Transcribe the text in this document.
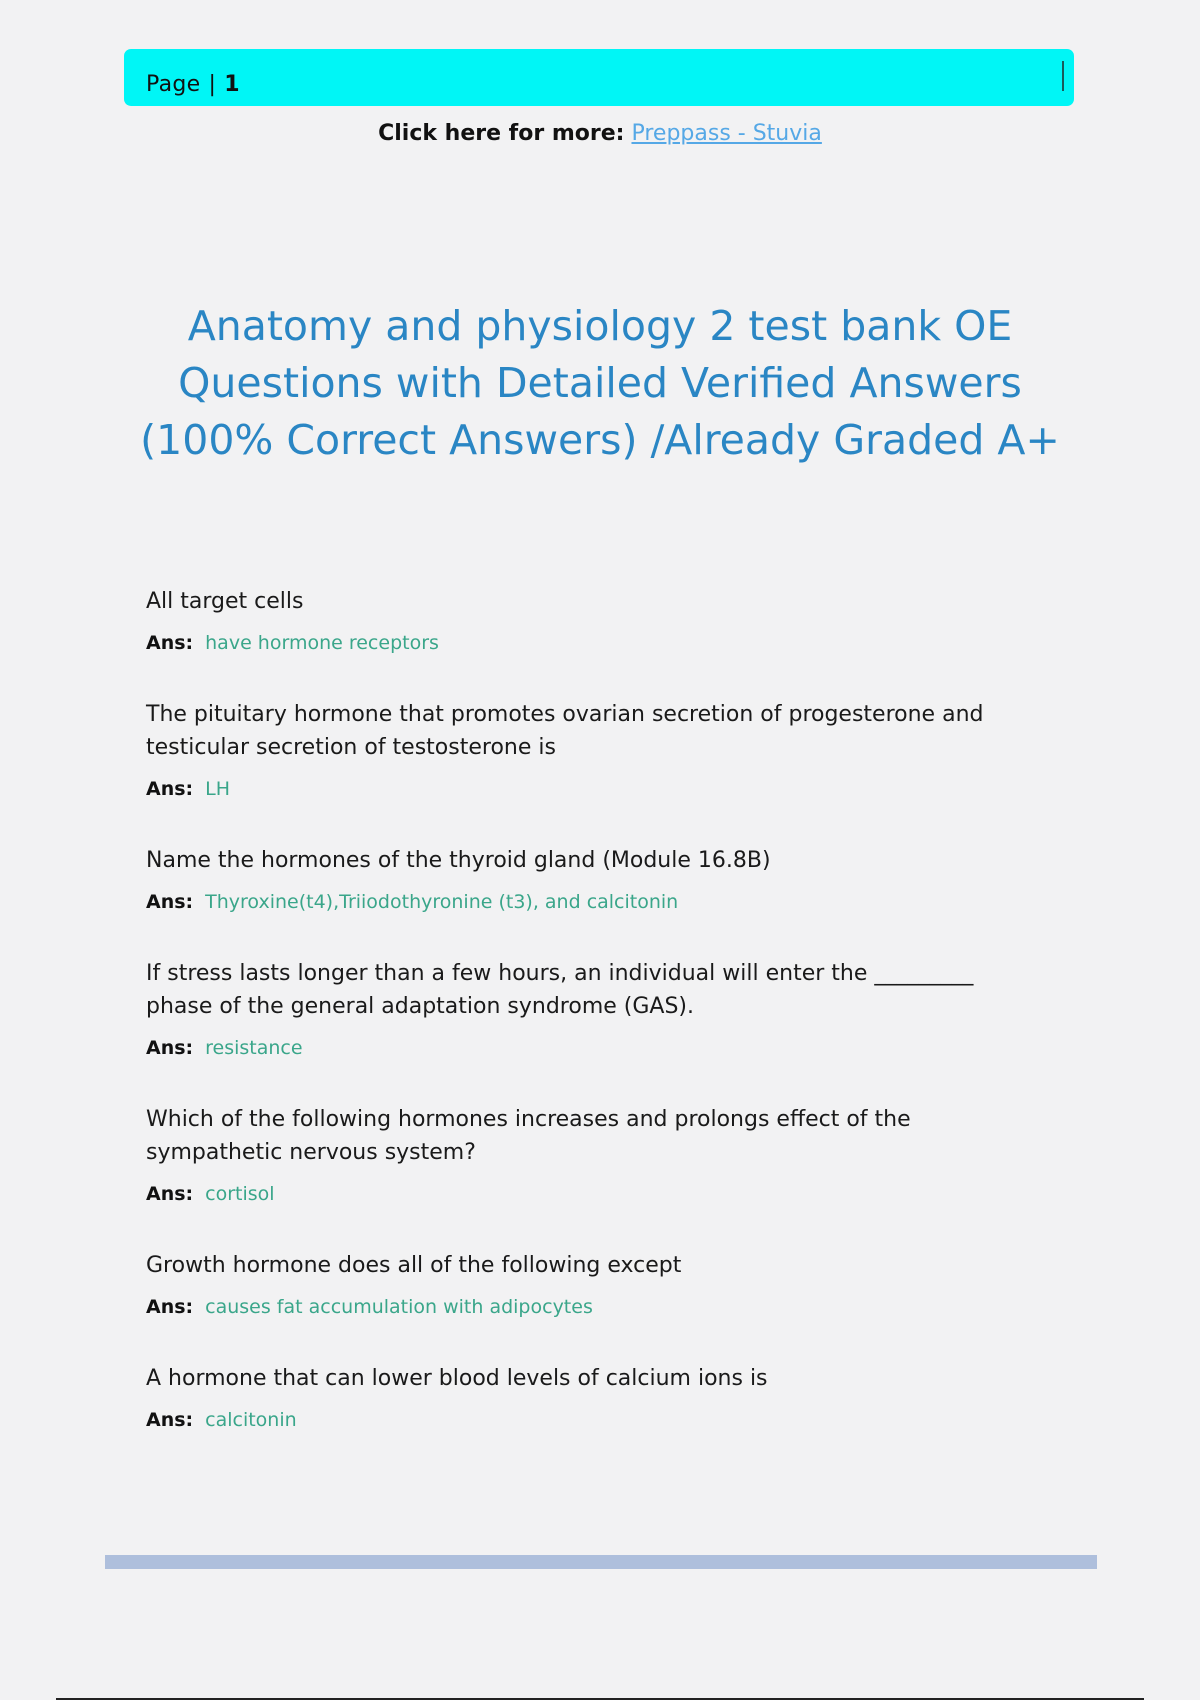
Page | 1
Click here for more: Preppass - Stuvia
Anatomy and physiology 2 test bank OE Questions with Detailed Verified Answers (100% Correct Answers) /Already Graded A+

All target cells

Ans: have hormone receptors

The pituitary hormone that promotes ovarian secretion of progesterone and testicular secretion of testosterone is

Ans: LH

Name the hormones of the thyroid gland (Module 16.8B)

Ans: Thyroxine(t4),Triiodothyronine (t3), and calcitonin

If stress lasts longer than a few hours, an individual will enter the _________ phase of the general adaptation syndrome (GAS).

Ans: resistance

Which of the following hormones increases and prolongs effect of the sympathetic nervous system?

Ans: cortisol

Growth hormone does all of the following except

Ans: causes fat accumulation with adipocytes

A hormone that can lower blood levels of calcium ions is

Ans: calcitonin
